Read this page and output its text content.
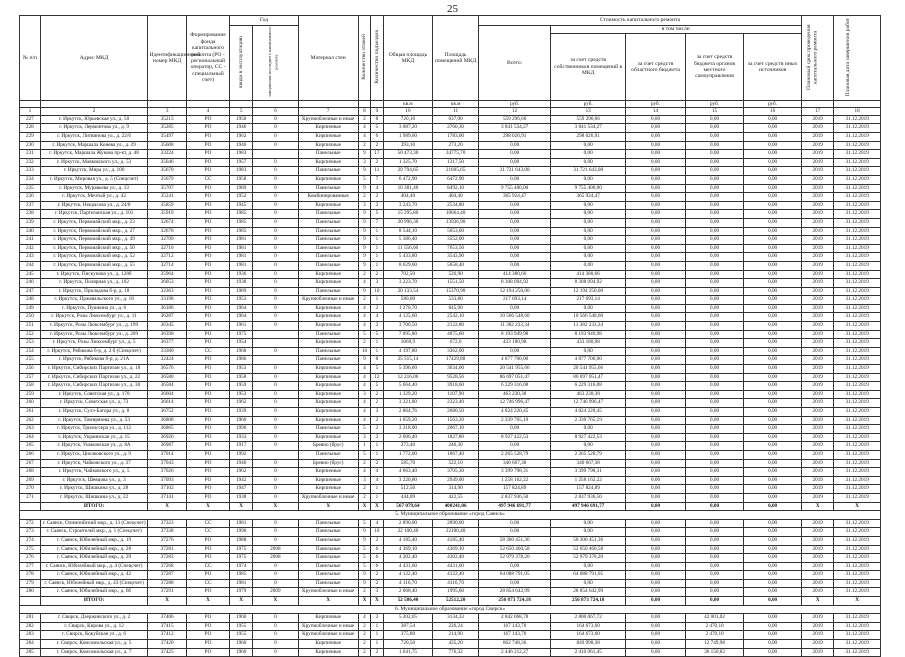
25
№ п/п	Адрес МКД	Идентификационный номер МКД	Формирование фонда капитального ремонта (РО - региональный оператор, СС - специальный счет)	Год		Материал стен	Количество этажей	Количество подъездов	Общая площадь МКД	Площадь помещений МКД	Стоимость капитального ремонта					Плановый срок проведения капитального ремонта	Плановая дата завершения работ
				ввода в эксплуатацию	завершение последнего капитального ремонта						Всего:	в том числе:					
												за счет средств собственников помещений в МКД	за счет средств областного бюджета	за счет средств бюджета органов местного самоуправления	за счет средств иных источников		
									кв.м	кв.м	руб.	руб.	руб.	руб.	руб.		
1	2	3	4	5	6	7	8	9	10	11	12	13	14	15	16	17	18
227	г. Иркутск, Юрьевская ул., д. 50	35215	РО	1950	0	Крупноблочные и иные	2	8	720,10	637,90	559 296,66	559 296,66	0,00	0,00	0,00	2019	31.12.2019
228	г. Иркутск, Лермонтова ул., д. 9	35285	РО	1946	0	Кирпичные	4	5	3 087,20	2760,30	3 841 534,27	3 841 534,27	0,00	0,00	0,00	2019	31.12.2019
229	г. Иркутск, Литвинова ул., д. 22/6	35497	РО	1962	0	Кирпичные	4	6	1 989,60	1783,00	298 026,91	298 026,91	0,00	0,00	0,00	2019	31.12.2019
230	г. Иркутск, Маршала Конева ул., д. 29	35608	РО	1940	0	Кирпичные	2	2	393,10	273,20	0,00	0,00	0,00	0,00	0,00	2019	31.12.2019
231	г. Иркутск, Маршала Жукова пр-кт, д. 48	33224	РО	1983		Панельные	9	17	50 473,30	34775,70	0,00	0,00	0,00	0,00	0,00	2019	31.12.2019
232	г. Иркутск, Маяковского ул., д. 53	35646	РО	1957	0	Кирпичные	3	2	1 325,70	1317,50	0,00	0,00	0,00	0,00	0,00	2019	31.12.2019
233	г. Иркутск, Мира ул., д. 100	35670	РО	1983	0	Панельные	9	11	29 794,65	21605,65	31 721 643,08	31 721 643,08	0,00	0,00	0,00	2019	31.12.2019
234	г. Иркутск, Мировая ул., д. 5 (Спецсчет)	35679	СС	1958	0	Кирпичные	5	7	6 472,90	6472,90	0,00	0,00	0,00	0,00	0,00	2019	31.12.2019
235	г. Иркутск, Муравьева ул., д. 13	35707	РО	1989	0	Панельные	9	4	10 381,40	8492,10	9 755 400,00	9 755 400,00	0,00	0,00	0,00	2019	31.12.2019
236	г. Иркутск, Мечтый ул., д. 42	35241	РО	1952	0	Комбинированные	2	2	404,40	404,40	365 924,47	365 924,47	0,00	0,00	0,00	2019	31.12.2019
237	г. Иркутск, Некрасова ул., д. 24/8	35859	РО	1945	0	Кирпичные	3	3	3 243,70	2534,80	0,00	0,00	0,00	0,00	0,00	2019	31.12.2019
238	г. Иркутск, Партизанская ул., д. 101	35919	РО	1985	0	Панельные	9	5	15 295,80	10664,40	0,00	0,00	0,00	0,00	0,00	2019	31.12.2019
239	г. Иркутск, Первомайский мкр., д. 23	32674	РО	1985	0	Панельные	9	7	20 996,30	13936,90	0,00	0,00	0,00	0,00	0,00	2019	31.12.2019
240	г. Иркутск, Первомайский мкр., д. 27	32678	РО	1985	0	Панельные	9	1	8 544,10	5653,00	0,00	0,00	0,00	0,00	0,00	2019	31.12.2019
241	г. Иркутск, Первомайский мкр., д. 49	32709	РО	1981	0	Панельные	9	1	5 386,40	3552,00	0,00	0,00	0,00	0,00	0,00	2019	31.12.2019
242	г. Иркутск, Первомайский мкр., д. 50	32710	РО	1981	0	Панельные	9	1	11 556,00	7653,50	0,00	0,00	0,00	0,00	0,00	2019	31.12.2019
243	г. Иркутск, Первомайский мкр., д. 52	32712	РО	1981	0	Панельные	9	1	5 433,80	3543,90	0,00	0,00	0,00	0,00	0,00	2019	31.12.2019
244	г. Иркутск, Первомайский мкр., д. 55	32714	РО	1981	0	Панельные	9	1	8 629,60	5658,40	0,00	0,00	0,00	0,00	0,00	2019	31.12.2019
245	г. Иркутск, Пискунова ул., д. 128б	35964	РО	1936	0	Кирпичные	2	2	702,50	526,90	414 380,66	414 380,66	0,00	0,00	0,00	2019	31.12.2019
246	г. Иркутск, Полярная ул., д. 102	36053	РО	1938	0	Кирпичные	4	3	3 223,70	1551,50	8 308 094,92	8 308 094,92	0,00	0,00	0,00	2019	31.12.2019
247	г. Иркутск, Приладова б-р, д. 18	32363	РО	1989	0	Панельные	9	10	20 133,54	15370,90	12 194 250,00	12 194 250,00	0,00	0,00	0,00	2019	31.12.2019
248	г. Иркутск, Пржевальского ул., д. 18	33198	РО	1953	0	Крупноблочные и иные	2	1	580,00	533,80	217 693,14	217 693,14	0,00	0,00	0,00	2019	31.12.2019
249	г. Иркутск, Пушкина ул., д. 6	36186	РО	1964	0	Кирпичные	4	2	1 270,70	845,90	0,00	0,00	0,00	0,00	0,00	2019	31.12.2019
250	г. Иркутск, Розы Люксембург ул., д. 11	36287	РО	1964	0	Кирпичные	4	4	4 125,60	2542,10	10 566 548,60	10 566 548,60	0,00	0,00	0,00	2019	31.12.2019
251	г. Иркутск, Розы Люксембург ул., д. 199	36345	РО	1961	0	Кирпичные	4	3	3 700,50	2122,80	11 382 233,34	11 382 233,34	0,00	0,00	0,00	2019	31.12.2019
252	г. Иркутск, Розы Люксембург ул., д. 209	36398	РО	1975		Панельные	5	5	7 095,80	4875,60	8 193 949,98	8 193 949,98	0,00	0,00	0,00	2019	31.12.2019
253	г. Иркутск, Розы Люксембург ул., д. 5	36377	РО	1954		Кирпичные	2	1	1069,9	672,6	433 180,98	433 180,98	0,00	0,00	0,00	2019	31.12.2019
254	г. Иркутск, Рябикова б-р, д. 2 б (Спецсчет)	33380	СС	1968	0	Панельные	10	1	4 197,80	3362,00	0,00	0,00	0,00	0,00	0,00	2019	31.12.2019
255	г. Иркутск, Рябикова б-р, д. 21А	32424	РО	1986		Панельные	9	8	25 515,14	17429,88	4 877 700,00	4 877 700,00	0,00	0,00	0,00	2019	31.12.2019
256	г. Иркутск, Сибирских Партизан ул., д. 18	36576	РО	1953	0	Кирпичные	4	5	5 396,60	3634,00	20 541 955,66	20 541 955,66	0,00	0,00	0,00	2019	31.12.2019
257	г. Иркутск, Сибирских Партизан ул., д. 22	36580	РО	1958	0	Кирпичные	4	12	12 216,06	9528,56	86 697 051,47	86 697 051,47	0,00	0,00	0,00	2019	31.12.2019
258	г. Иркутск, Сибирских Партизан ул., д. 30	36584	РО	1959	0	Кирпичные	4	5	5 664,40	3918,60	6 229 316,08	6 229 316,08	0,00	0,00	0,00	2019	31.12.2019
259	г. Иркутск, Советская ул., д. 178	36604	РО	1953	0	Кирпичные	3	2	1 329,20	1107,90	463 230,38	463 230,38	0,00	0,00	0,00	2019	31.12.2019
260	г. Иркутск, Советская ул., д. 73	36614	РО	1962	0	Кирпичные	4	2	3 321,80	2323,40	12 746 996,47	12 746 996,47	0,00	0,00	0,00	2019	31.12.2019
261	г. Иркутск, Сухэ-Батора ул., д. 8	36752	РО	1939	0	Кирпичные	4	3	2 864,76	2680,50	4 824 220,45	4 824 220,45	0,00	0,00	0,00	2019	31.12.2019
262	г. Иркутск, Тимирязева ул., д. 53	36808	РО	1960	0	Кирпичные	4	2	1 659,20	1563,20	2 339 765,19	2 339 765,19	0,00	0,00	0,00	2019	31.12.2019
263	г. Иркутск, Трилиссера ул., д. 112	36865	РО	1990	0	Панельные	5	2	3 318,00	2067,10	0,00	0,00	0,00	0,00	0,00	2019	31.12.2019
264	г. Иркутск, Украинская ул., д. 15	36926	РО	1933	0	Кирпичные	3	3	2 606,40	1827,80	8 927 422,53	8 927 422,53	0,00	0,00	0,00	2019	31.12.2019
265	г. Иркутск, Ушаковская ул., д. 8А	36987	РО	1917	0	Бревно (брус)	1	1	273,40	246,30	0,00	0,00	0,00	0,00	0,00	2019	31.12.2019
266	г. Иркутск, Циолковского ул., д. 9	37014	РО	1992		Панельные	5	1	1 772,00	1067,40	2 265 528,79	2 265 528,79	0,00	0,00	0,00	2019	31.12.2019
267	г. Иркутск, Чайковского ул., д. 37	37043	РО	1940	0	Бревно (брус)	2	2	585,70	522,10	340 667,38	340 667,38	0,00	0,00	0,00	2019	31.12.2019
268	г. Иркутск, Чайковского ул., д. 5	37026	РО	1962	0	Кирпичные	4	4	4 663,40	3705,30	3 399 798,31	3 399 798,31	0,00	0,00	0,00	2019	31.12.2019
269	г. Иркутск, Шевцова ул., д. 3	37093	РО	1942	0	Кирпичные	3	4	3 220,80	2949,00	1 258 162,22	1 258 162,22	0,00	0,00	0,00	2019	31.12.2019
270	г. Иркутск, Шишкина ул., д. 28	37102	РО	1947	0	Кирпичные	2	1	512,50	314,90	157 824,89	157 824,89	0,00	0,00	0,00	2019	31.12.2019
271	г. Иркутск, Шишкина ул., д. 22	37141	РО	1938	0	Крупноблочные и иные	2	1	444,09	422,55	2 837 936,50	2 837 936,50	0,00	0,00	0,00	2019	31.12.2019
	ИТОГО:	X	X	X	X	X	X	X	567 079,64	400241,06	497 946 691,77	497 946 691,77	0,00	0,00	0,00	X	X
5. Муниципальное образование «город Саянск»																	
272	г. Саянск, Олимпийский мкр., д. 13 (Спецсчет)	37323	СС	1981	0	Панельные	5	4	2 890,00	2890,00	0,00	0,00	0,00	0,00	0,00	2019	31.12.2019
273	г. Саянск, Строителей мкр., д. 1 (Спецсчет)	37338	СС	1990	0	Панельные	9	10	22 100,40	22100,40	0,00	0,00	0,00	0,00	0,00	2019	31.12.2019
274	г. Саянск, Юбилейный мкр., д. 19	37276	РО	1988	0	Панельные	9	2	4 185,40	4185,40	58 300 451,36	58 300 451,36	0,00	0,00	0,00	2019	31.12.2019
275	г. Саянск, Юбилейный мкр., д. 28	37281	РО	1975	2008	Панельные	5	6	4 369,10	4369,10	52 650 460,58	52 650 460,58	0,00	0,00	0,00	2019	31.12.2019
276	г. Саянск, Юбилейный мкр., д. 29	37283	РО	1975	2008	Панельные	5	6	4 302,40	4302,40	52 979 378,20	52 979 378,20	0,00	0,00	0,00	2019	31.12.2019
277	г. Саянск, Юбилейный мкр., д. 4 (Спецсчет)	37268	СС	1974	0	Панельные	5	6	4 431,60	4431,60	0,00	0,00	0,00	0,00	0,00	2019	31.12.2019
278	г. Саянск, Юбилейный мкр., д. 42	37287	РО	1985	0	Панельные	9	2	4 122,40	4122,40	64 088 791,05	64 088 791,05	0,00	0,00	0,00	2019	31.12.2019
279	г. Саянск, Юбилейный мкр., д. 43 (Спецсчет)	37288	СС	1981	0	Панельные	9	2	4 116,70	4116,70	0,00	0,00	0,00	0,00	0,00	2019	31.12.2019
280	г. Саянск, Юбилейный мкр., д. 6б	37291	РО	1979	2009	Крупноблочные и иные	2	3	2 068,40	1995,60	28 854 642,99	28 854 642,99	0,00	0,00	0,00	2019	31.12.2019
	ИТОГО:	X	X	X	X	X	X	X	52 586,40	52512,20	256 873 724,18	256 873 724,18	0,00	0,00	0,00	X	X
6. Муниципальное образование «город Свирск»																	
281	г. Свирск, Дзержинского ул., д. 2	37406	РО	1960	0	Кирпичные	4	3	5 202,05	3134,33	2 842 068,78	2 800 067,72	0,00	42 001,02	0,00	2019	31.12.2019
282	г. Свирск, Кирова ул., д. 12	37415	РО	1955	0	Крупноблочные и иные	2	1	387,54	226,24	167 143,70	164 673,60	0,00	2 470,10	0,00	2019	31.12.2019
283	г. Свирск, Кокуйская ул., д. 6	37412	РО	1955	0	Крупноблочные и иные	2	1	375,80	214,90	167 143,70	164 673,60	0,00	2 470,10	0,00	2019	31.12.2019
284	г. Свирск, Комсомольская ул., д. 5	37420	РО	1960	0	Кирпичные	2	1	720,50	435,20	862 748,36	849 998,38	0,00	12 749,98	0,00	2019	31.12.2019
285	г. Свирск, Комсомольская ул., д. 7	37425	РО	1960	0	Кирпичные	2	2	1 641,75	776,32	2 446 212,27	2 410 061,45	0,00	36 150,82	0,00	2019	31.12.2019
